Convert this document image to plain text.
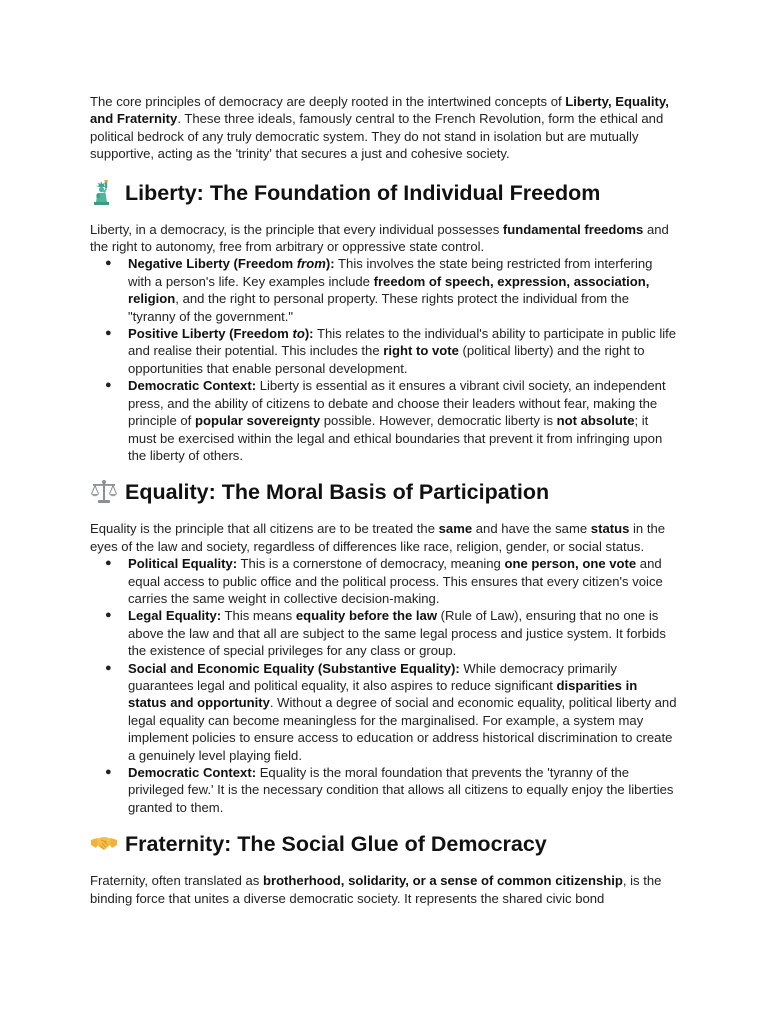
The core principles of democracy are deeply rooted in the intertwined concepts of Liberty, Equality, and Fraternity. These three ideals, famously central to the French Revolution, form the ethical and political bedrock of any truly democratic system. They do not stand in isolation but are mutually supportive, acting as the 'trinity' that secures a just and cohesive society.

Liberty: The Foundation of Individual Freedom

Liberty, in a democracy, is the principle that every individual possesses fundamental freedoms and the right to autonomy, free from arbitrary or oppressive state control.

● Negative Liberty (Freedom from): This involves the state being restricted from interfering with a person's life. Key examples include freedom of speech, expression, association, religion, and the right to personal property. These rights protect the individual from the "tyranny of the government."
● Positive Liberty (Freedom to): This relates to the individual's ability to participate in public life and realise their potential. This includes the right to vote (political liberty) and the right to opportunities that enable personal development.
● Democratic Context: Liberty is essential as it ensures a vibrant civil society, an independent press, and the ability of citizens to debate and choose their leaders without fear, making the principle of popular sovereignty possible. However, democratic liberty is not absolute; it must be exercised within the legal and ethical boundaries that prevent it from infringing upon the liberty of others.
Equality: The Moral Basis of Participation

Equality is the principle that all citizens are to be treated the same and have the same status in the eyes of the law and society, regardless of differences like race, religion, gender, or social status.

● Political Equality: This is a cornerstone of democracy, meaning one person, one vote and equal access to public office and the political process. This ensures that every citizen's voice carries the same weight in collective decision-making.
● Legal Equality: This means equality before the law (Rule of Law), ensuring that no one is above the law and that all are subject to the same legal process and justice system. It forbids the existence of special privileges for any class or group.
● Social and Economic Equality (Substantive Equality): While democracy primarily guarantees legal and political equality, it also aspires to reduce significant disparities in status and opportunity. Without a degree of social and economic equality, political liberty and legal equality can become meaningless for the marginalised. For example, a system may implement policies to ensure access to education or address historical discrimination to create a genuinely level playing field.
● Democratic Context: Equality is the moral foundation that prevents the 'tyranny of the privileged few.' It is the necessary condition that allows all citizens to equally enjoy the liberties granted to them.
Fraternity: The Social Glue of Democracy

Fraternity, often translated as brotherhood, solidarity, or a sense of common citizenship, is the binding force that unites a diverse democratic society. It represents the shared civic bond
